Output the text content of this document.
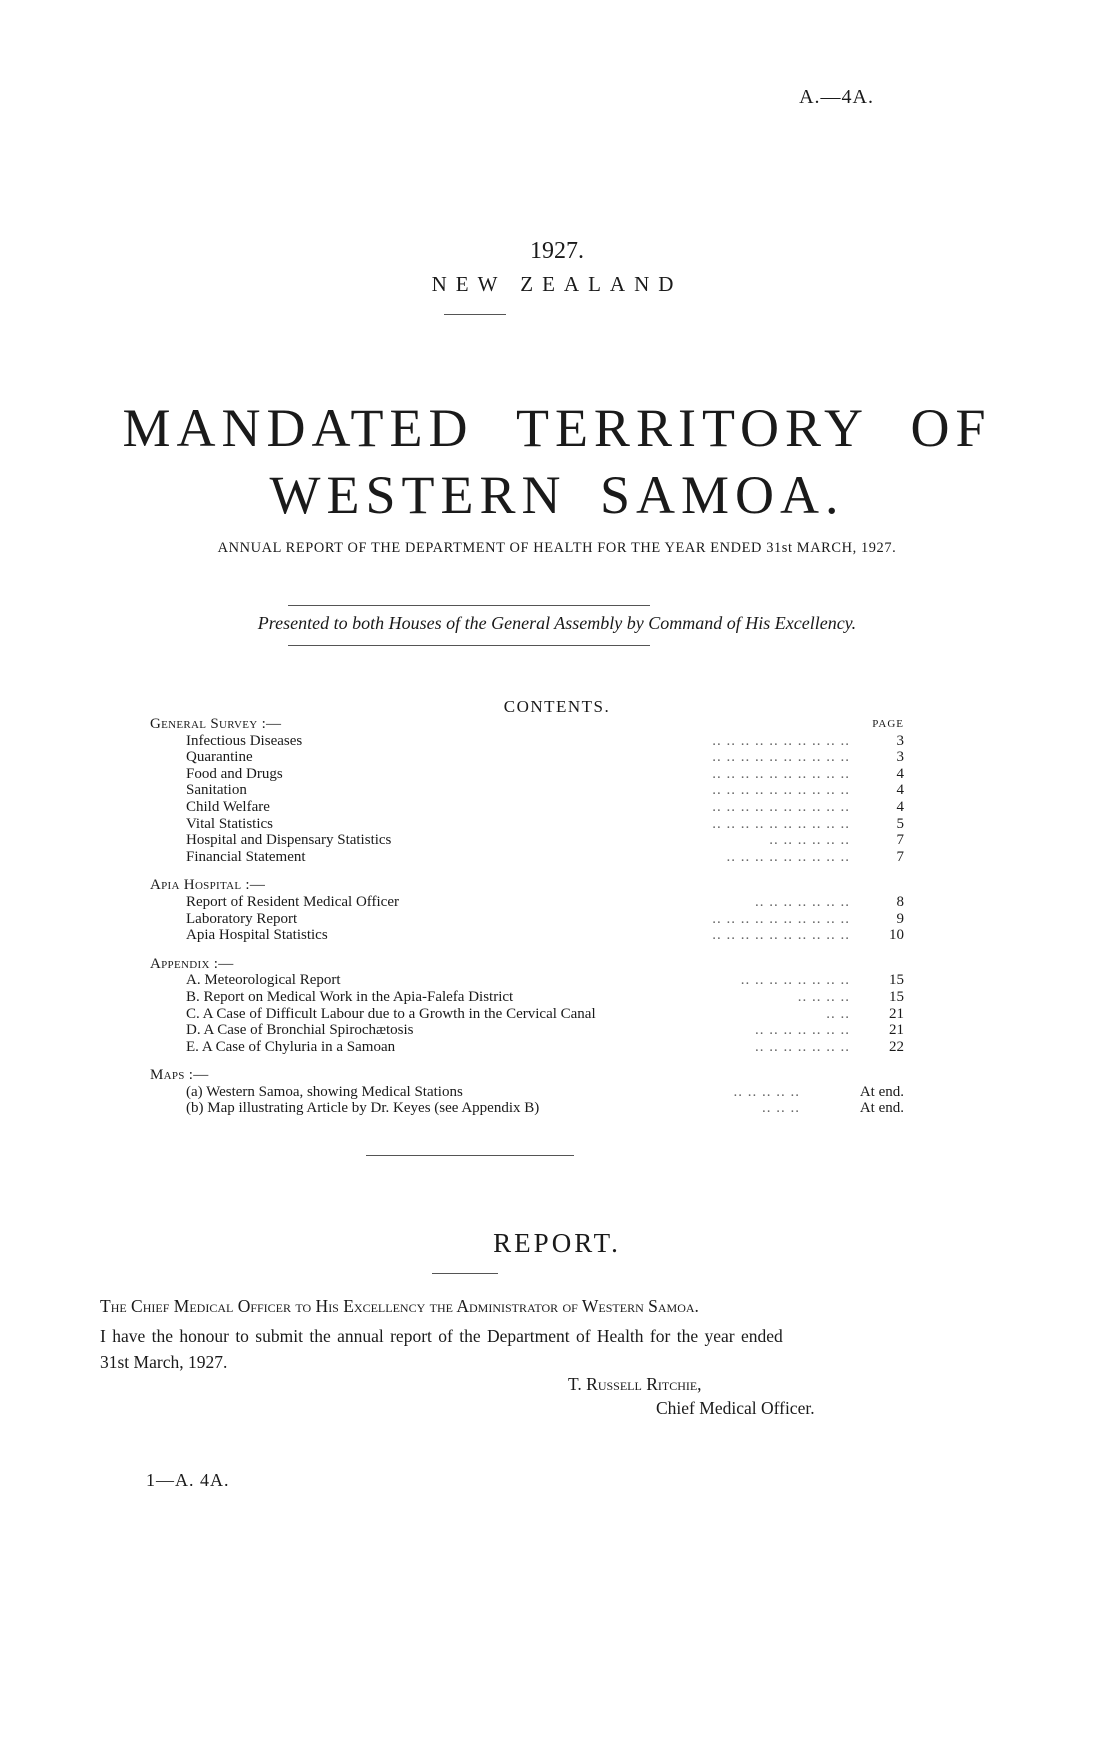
A.—4A.
1927.
NEW ZEALAND
MANDATED TERRITORY OF
WESTERN SAMOA.
ANNUAL REPORT OF THE DEPARTMENT OF HEALTH FOR THE YEAR ENDED 31st MARCH, 1927.
Presented to both Houses of the General Assembly by Command of His Excellency.
CONTENTS.
General Survey :—	PAGE
.. .. .. .. .. .. .. .. .. ..
Infectious Diseases	3
.. .. .. .. .. .. .. .. .. ..
Quarantine	3
.. .. .. .. .. .. .. .. .. ..
Food and Drugs	4
.. .. .. .. .. .. .. .. .. ..
Sanitation	4
.. .. .. .. .. .. .. .. .. ..
Child Welfare	4
.. .. .. .. .. .. .. .. .. ..
Vital Statistics	5
.. .. .. .. .. ..
Hospital and Dispensary Statistics	7
.. .. .. .. .. .. .. .. ..
Financial Statement	7
Apia Hospital :—
.. .. .. .. .. .. ..
Report of Resident Medical Officer	8
.. .. .. .. .. .. .. .. .. ..
Laboratory Report	9
.. .. .. .. .. .. .. .. .. ..
Apia Hospital Statistics	10
Appendix :—
.. .. .. .. .. .. .. ..
A. Meteorological Report	15
.. .. .. ..
B. Report on Medical Work in the Apia-Falefa District	15
.. ..
C. A Case of Difficult Labour due to a Growth in the Cervical Canal	21
.. .. .. .. .. .. ..
D. A Case of Bronchial Spirochætosis	21
.. .. .. .. .. .. ..
E. A Case of Chyluria in a Samoan	22
Maps :—
.. .. .. .. ..
(a) Western Samoa, showing Medical Stations	At end.
.. .. ..
(b) Map illustrating Article by Dr. Keyes (see Appendix B)	At end.
REPORT.
The Chief Medical Officer to His Excellency the Administrator of Western Samoa.
I have the honour to submit the annual report of the Department of Health for the year ended
31st March, 1927.
T. Russell Ritchie,
Chief Medical Officer.
1—A. 4A.
